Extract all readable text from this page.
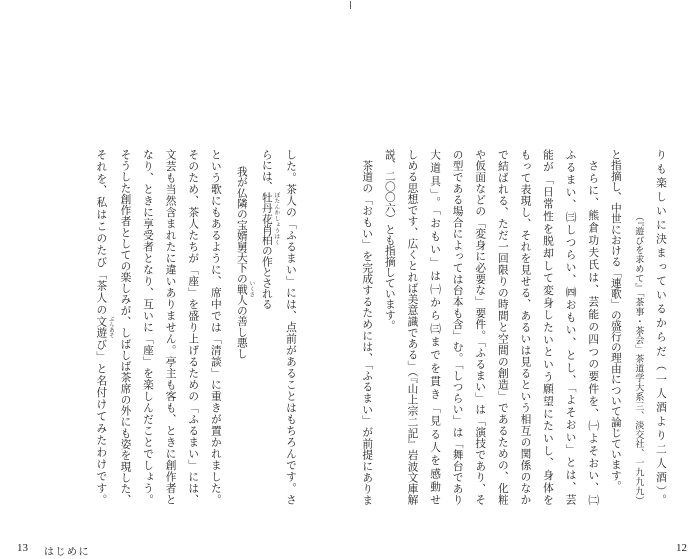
した。茶人の「ふるまい」には、点前があることはもちろんです。さ
らには、牡丹花肖柏 ぼたんかしょうはくの作とされる
我が仏隣の宝婿舅天下の戦 いくさ人の善し悪し
という歌にもあるように、席中では「清談」に重きが置かれました。
そのため、茶人たちが「座」を盛り上げるための「ふるまい」には、
文芸も当然含まれたに違いありません。亭主も客も、ときに創作者と
なり、ときに享受者となり、互いに「座」を楽しんだことでしょう。
そうした創作者としての楽しみが、しばしば茶席の外にも姿を現した、
それを、私はこのたび「茶人の文遊 ぶんあそび」と名付けてみたわけです。
13 はじめに
りも楽しいに決まっているからだ（一人酒より二人酒）。
（『遊びを求めて』「茶事・茶会」茶道学大系三、淡交社、一九九九）
と指摘し、中世における「連歌」の盛行の理由について論じています。
さらに、熊倉功夫氏は、芸能の四つの要件を、㈠よそおい、㈡
ふるまい、㈢しつらい、㈣おもい、とし、「よそおい」とは、芸
能が「日常性を脱却して変身したいという願望にたいし、身体を
もって表現し、それを見せる、あるいは見るという相互の関係のなか
で結ばれる、ただ一回限りの時間と空間の創造」であるための、化粧
や仮面などの「変身に必要な」要件。「ふるまい」は「演技であり、そ
の型である場合によっては台本も含」む。「しつらい」は「舞台であり
大道具」。「おもい」は㈠から㈢までを貫き「見る人を感動せ
しめる思想です、広くとれば美意識である」（『山上宗二記』岩波文庫解
説、二〇〇六）とも指摘しています。
茶道の「おもい」を完成するためには、「ふるまい」が前提にありま
12
